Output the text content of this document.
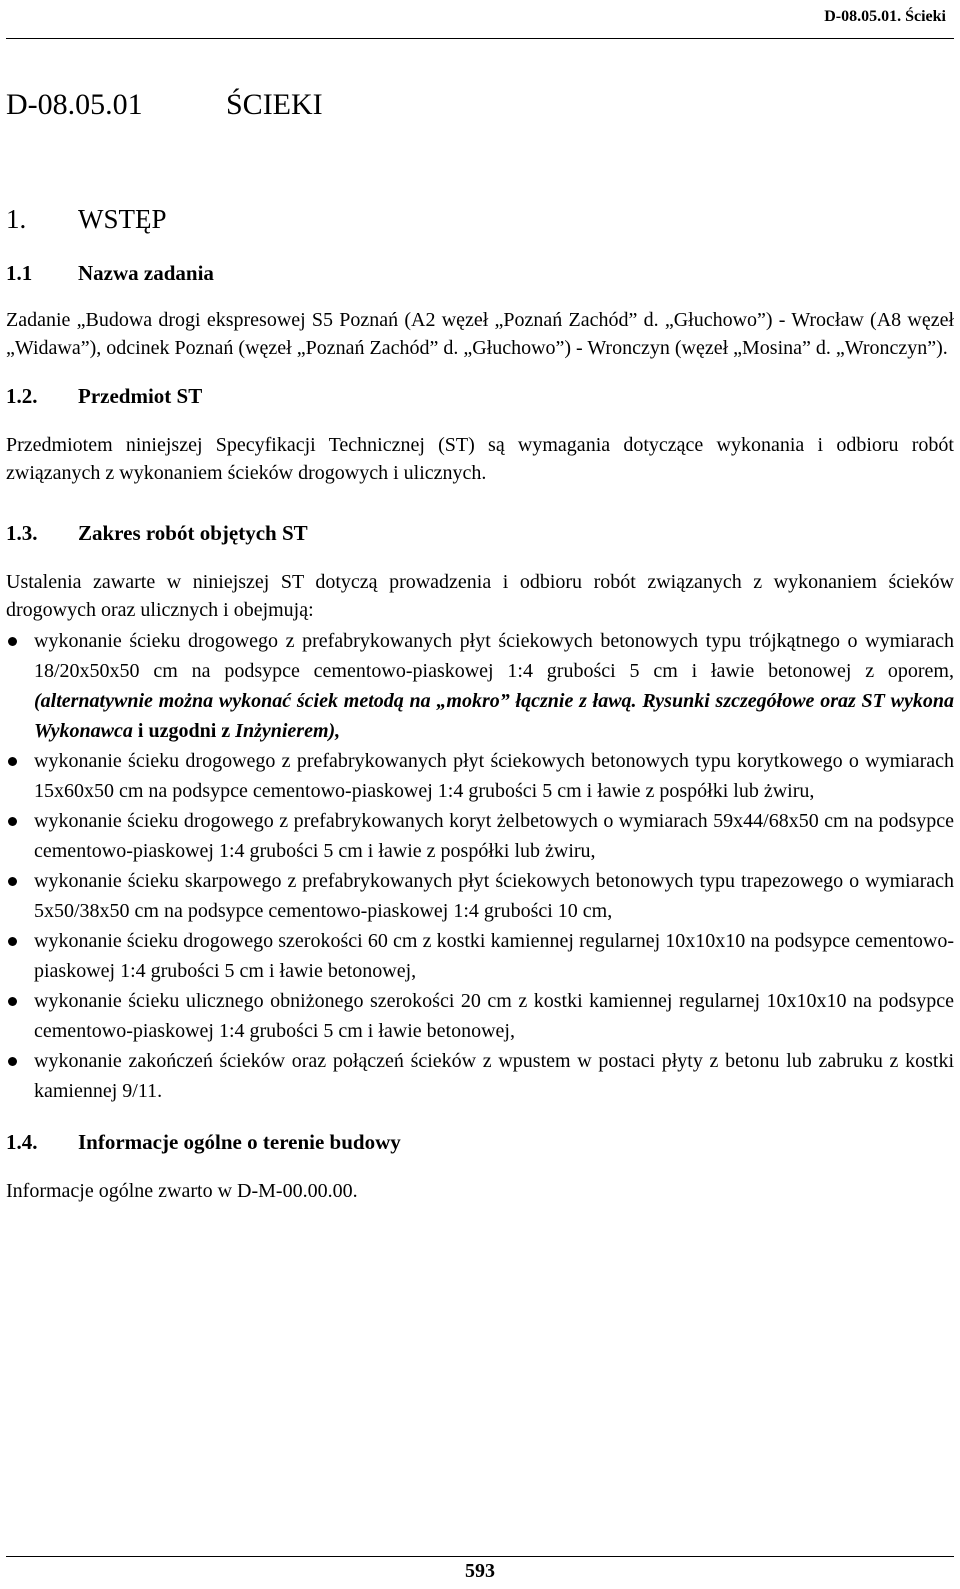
D-08.05.01. Ścieki
D-08.05.01	ŚCIEKI
1.	WSTĘP
1.1	Nazwa zadania

Zadanie „Budowa drogi ekspresowej S5 Poznań (A2 węzeł „Poznań Zachód” d. „Głuchowo”) - Wrocław (A8 węzeł „Widawa”), odcinek Poznań (węzeł „Poznań Zachód” d. „Głuchowo”) - Wronczyn (węzeł „Mosina” d. „Wronczyn”).

1.2.	Przedmiot ST

Przedmiotem niniejszej Specyfikacji Technicznej (ST) są wymagania dotyczące wykonania i odbioru robót związanych z wykonaniem ścieków drogowych i ulicznych.

1.3.	Zakres robót objętych ST

Ustalenia zawarte w niniejszej ST dotyczą prowadzenia i odbioru robót związanych z wykonaniem ścieków drogowych oraz ulicznych i obejmują:

wykonanie ścieku drogowego z prefabrykowanych płyt ściekowych betonowych typu trójkątnego o wymiarach 18/20x50x50 cm na podsypce cementowo-piaskowej 1:4 grubości 5 cm i ławie betonowej z oporem, (alternatywnie można wykonać ściek metodą na „mokro” łącznie z ławą. Rysunki szczegółowe oraz ST wykona Wykonawca i uzgodni z Inżynierem),
wykonanie ścieku drogowego z prefabrykowanych płyt ściekowych betonowych typu korytkowego o wymiarach 15x60x50 cm na podsypce cementowo-piaskowej 1:4 grubości 5 cm i ławie z pospółki lub żwiru,
wykonanie ścieku drogowego z prefabrykowanych koryt żelbetowych o wymiarach 59x44/68x50 cm na podsypce cementowo-piaskowej 1:4 grubości 5 cm i ławie z pospółki lub żwiru,
wykonanie ścieku skarpowego z prefabrykowanych płyt ściekowych betonowych typu trapezowego o wymiarach 5x50/38x50 cm na podsypce cementowo-piaskowej 1:4 grubości 10 cm,
wykonanie ścieku drogowego szerokości 60 cm z kostki kamiennej regularnej 10x10x10 na podsypce cementowo-piaskowej 1:4 grubości 5 cm i ławie betonowej,
wykonanie ścieku ulicznego obniżonego szerokości 20 cm z kostki kamiennej regularnej 10x10x10 na podsypce cementowo-piaskowej 1:4 grubości 5 cm i ławie betonowej,
wykonanie zakończeń ścieków oraz połączeń ścieków z wpustem w postaci płyty z betonu lub zabruku z kostki kamiennej 9/11.
1.4.	Informacje ogólne o terenie budowy

Informacje ogólne zwarto w D-M-00.00.00.

593
